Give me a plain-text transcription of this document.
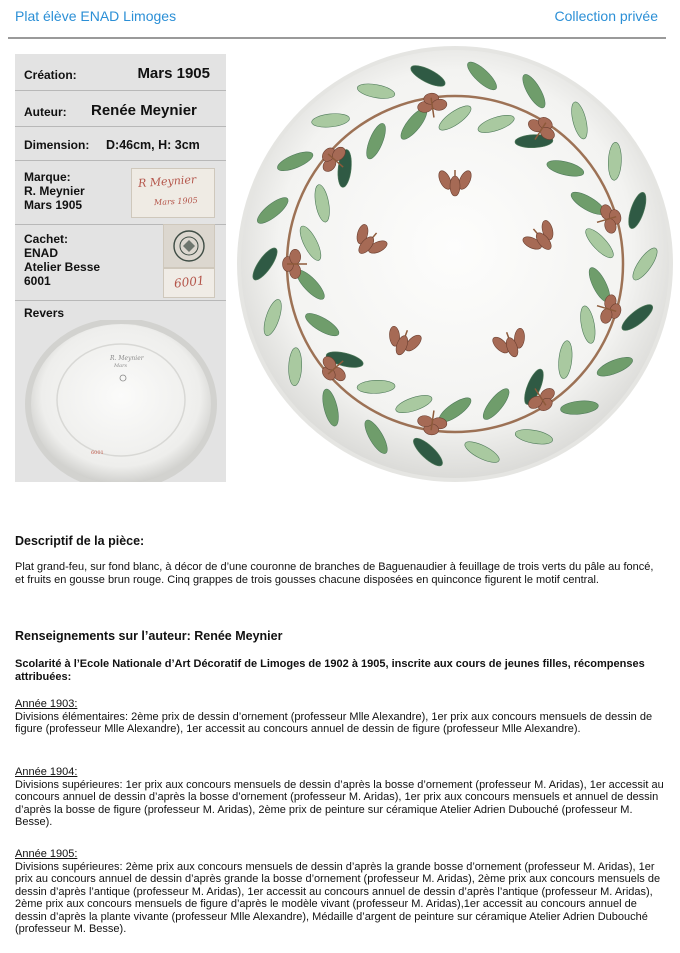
Plat élève ENAD Limoges	Collection privée
Création:	Mars 1905
Auteur: Renée Meynier
Dimension: D:46cm, H: 3cm
Marque:
R. Meynier
Mars 1905
R Meynier
Mars 1905
Cachet:
ENAD
Atelier Besse
6001	6001
Revers
R. Meynier
Mars
6001
Descriptif de la pièce:
Plat grand-feu, sur fond blanc, à décor de d’une couronne de branches de Baguenaudier à feuillage de trois verts du pâle au foncé, et fruits en gousse brun rouge. Cinq grappes de trois gousses chacune disposées en quinconce figurent le motif central.
Renseignements sur l’auteur: Renée Meynier
Scolarité à l’Ecole Nationale d’Art Décoratif de Limoges de 1902 à 1905, inscrite aux cours de jeunes filles, récompenses attribuées:
Année 1903:
Divisions élémentaires: 2ème prix de dessin d’ornement (professeur Mlle Alexandre), 1er prix aux concours mensuels de dessin de figure (professeur Mlle Alexandre), 1er accessit au concours annuel de dessin de figure (professeur Mlle Alexandre).
Année 1904:
Divisions supérieures: 1er prix aux concours mensuels de dessin d’après la bosse d’ornement (professeur M. Aridas), 1er accessit au concours annuel de dessin d’après la bosse d’ornement (professeur M. Aridas), 1er prix aux concours mensuels et annuel de dessin d’après la bosse de figure (professeur M. Aridas), 2ème prix de peinture sur céramique Atelier Adrien Dubouché (professeur M. Besse).
Année 1905:
Divisions supérieures: 2ème prix aux concours mensuels de dessin d’après la grande bosse d’ornement (professeur M. Aridas), 1er prix au concours annuel de dessin d’après grande la bosse d’ornement (professeur M. Aridas), 2ème prix aux concours mensuels de dessin d’après l’antique (professeur M. Aridas), 1er accessit au concours annuel de dessin d’après l’antique (professeur M. Aridas), 2ème prix aux concours mensuels de figure d’après le modèle vivant (professeur M. Aridas),1er accessit au concours annuel de dessin d’après la plante vivante (professeur Mlle Alexandre), Médaille d’argent de peinture sur céramique Atelier Adrien Dubouché (professeur M. Besse).
